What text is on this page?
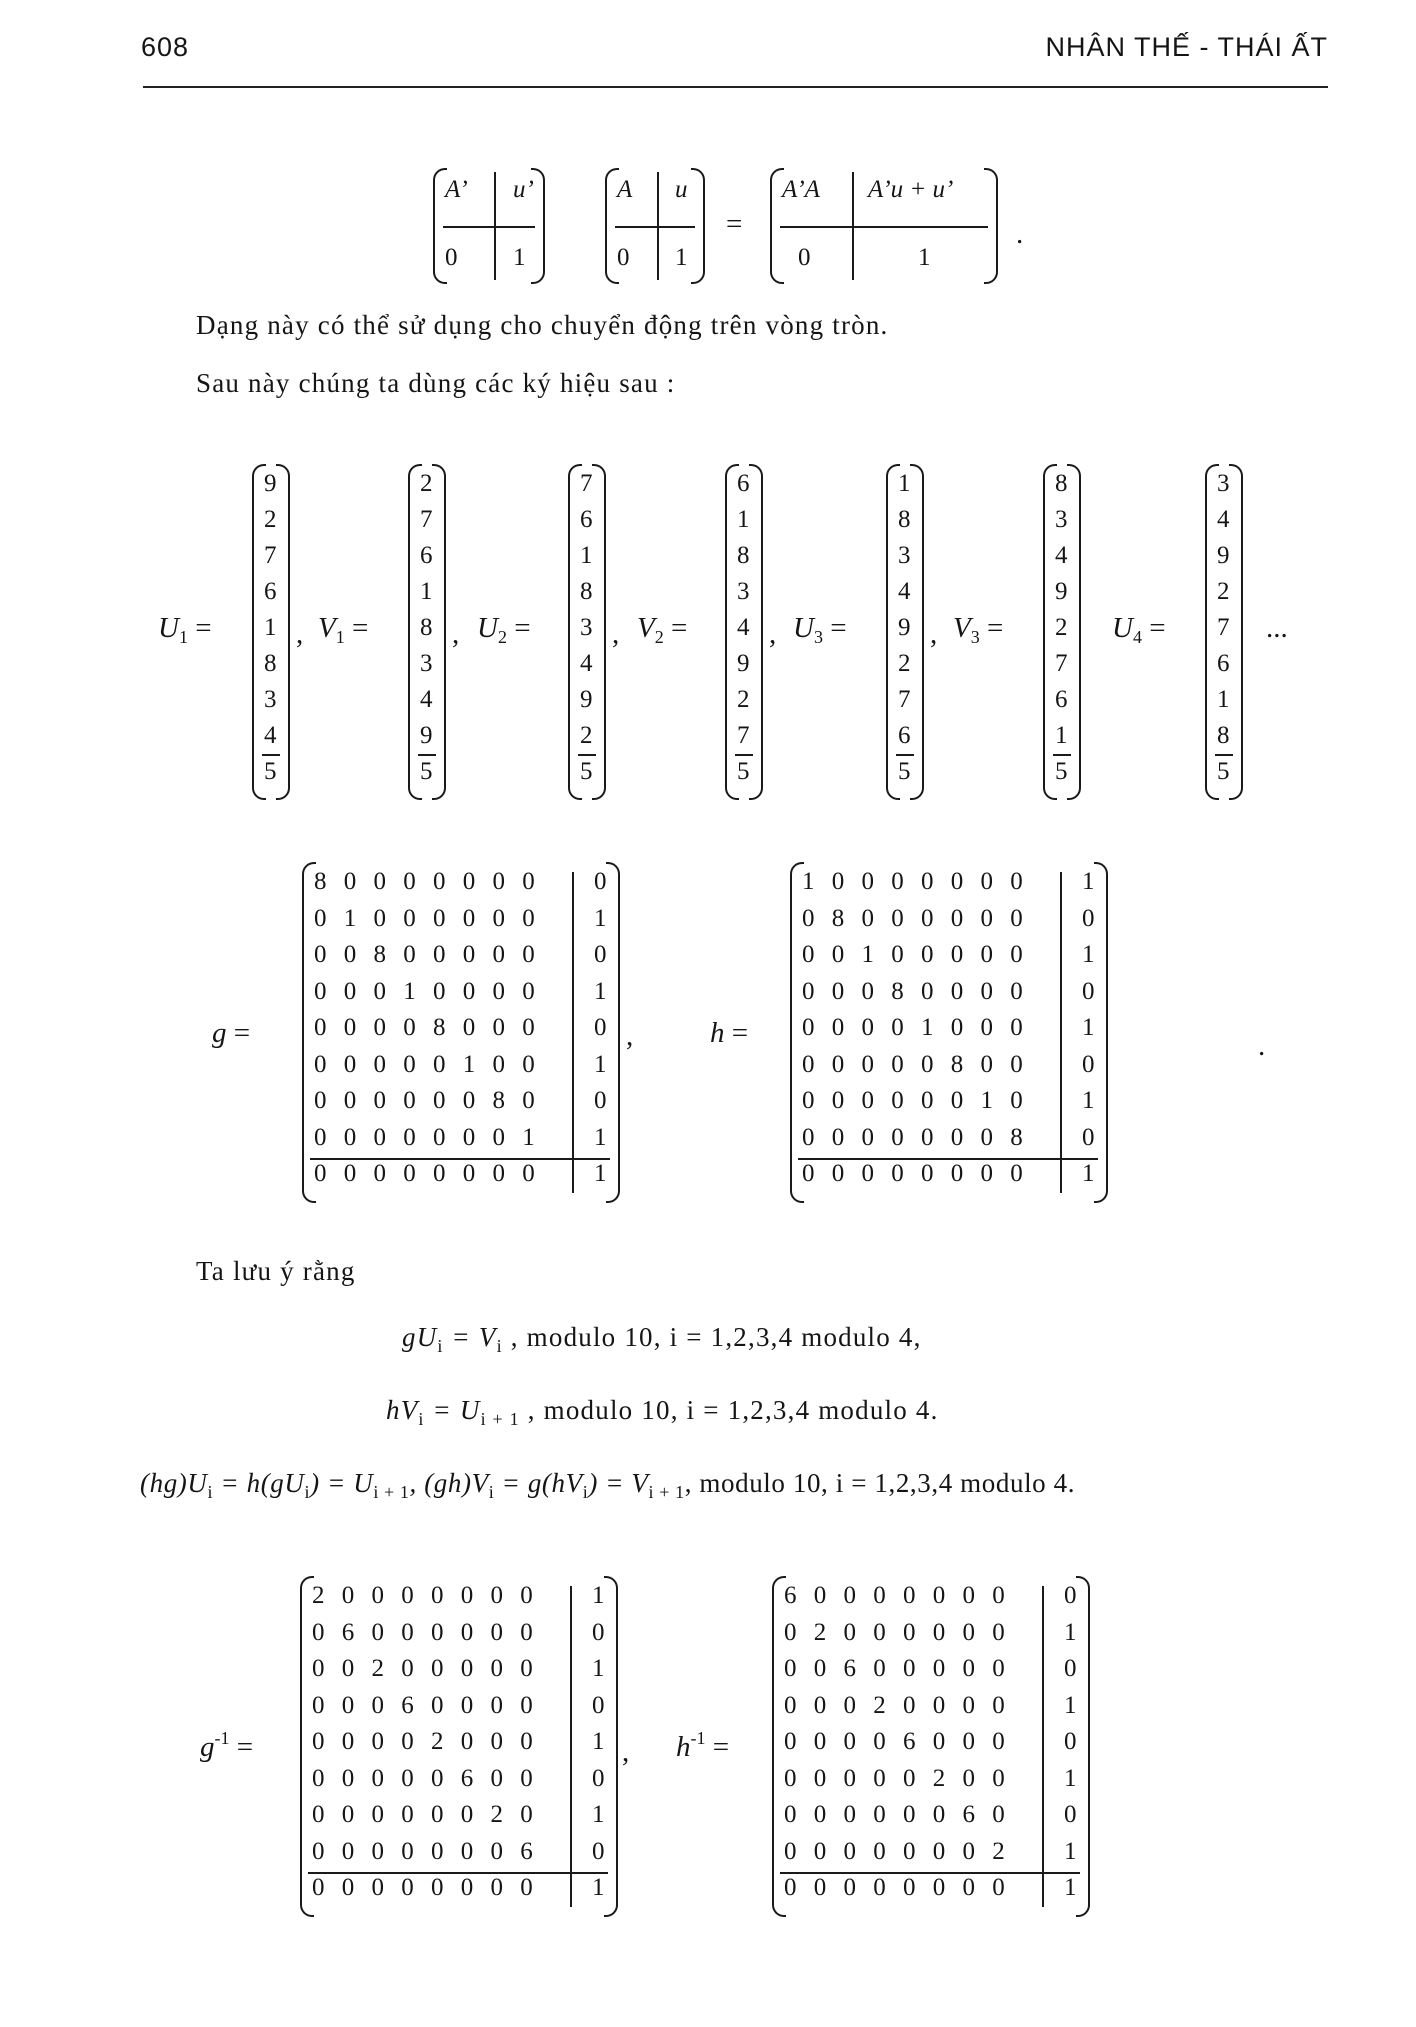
608	NHÂN THẾ - THÁI ẤT
A’ u’
0 1
A u
0 1
=
A’A A’u + u’
0	1
.
Dạng này có thể sử dụng cho chuyển động trên vòng tròn.
Sau này chúng ta dùng các ký hiệu sau :
$U_1$ =
9
2
7
6
1
8
3
4
5
, $V_1$ =
2
7
6
1
8
3
4
9
5
, $U_2$ =
7
6
1
8
3
4
9
2
5
, $V_2$ =
6
1
8
3
4
9
2
7
5
, $U_3$ =
1
8
3
4
9
2
7
6
5
, $V_3$ =
8
3
4
9
2
7
6
1
5
$U_4$ =
3
4
9
2
7
6
1
8
5
...
g =
8 0 0 0 0 0 0 0 0
0 1 0 0 0 0 0 0 1
0 0 8 0 0 0 0 0 0
0 0 0 1 0 0 0 0 1
0 0 0 0 8 0 0 0 0
0 0 0 0 0 1 0 0 1
0 0 0 0 0 0 8 0 0
0 0 0 0 0 0 0 1 1
0 0 0 0 0 0 0 0 1
,	h =
1 0 0 0 0 0 0 0 1
0 8 0 0 0 0 0 0 0
0 0 1 0 0 0 0 0 1
0 0 0 8 0 0 0 0 0
0 0 0 0 1 0 0 0 1
0 0 0 0 0 8 0 0 0
0 0 0 0 0 0 1 0 1
0 0 0 0 0 0 0 8 0
0 0 0 0 0 0 0 0 1
.
$g^{-1}$ =
2 0 0 0 0 0 0 0 1
0 6 0 0 0 0 0 0 0
0 0 2 0 0 0 0 0 1
0 0 0 6 0 0 0 0 0
0 0 0 0 2 0 0 0 1
0 0 0 0 0 6 0 0 0
0 0 0 0 0 0 2 0 1
0 0 0 0 0 0 0 6 0
0 0 0 0 0 0 0 0 1
, $h^{-1}$ =
6 0 0 0 0 0 0 0 0
0 2 0 0 0 0 0 0 1
0 0 6 0 0 0 0 0 0
0 0 0 2 0 0 0 0 1
0 0 0 0 6 0 0 0 0
0 0 0 0 0 2 0 0 1
0 0 0 0 0 0 6 0 0
0 0 0 0 0 0 0 2 1
0 0 0 0 0 0 0 0 1
Ta lưu ý rằng
$gU_i = V_i$ , modulo 10, i = 1,2,3,4 modulo 4,
$hV_i = U_{i + 1}$ , modulo 10, i = 1,2,3,4 modulo 4.
$(hg)U_i = h(gU_i) = U_{i + 1}$, $(gh)V_i = g(hV_i) = V_{i + 1}$, modulo 10, i = 1,2,3,4 modulo 4.
